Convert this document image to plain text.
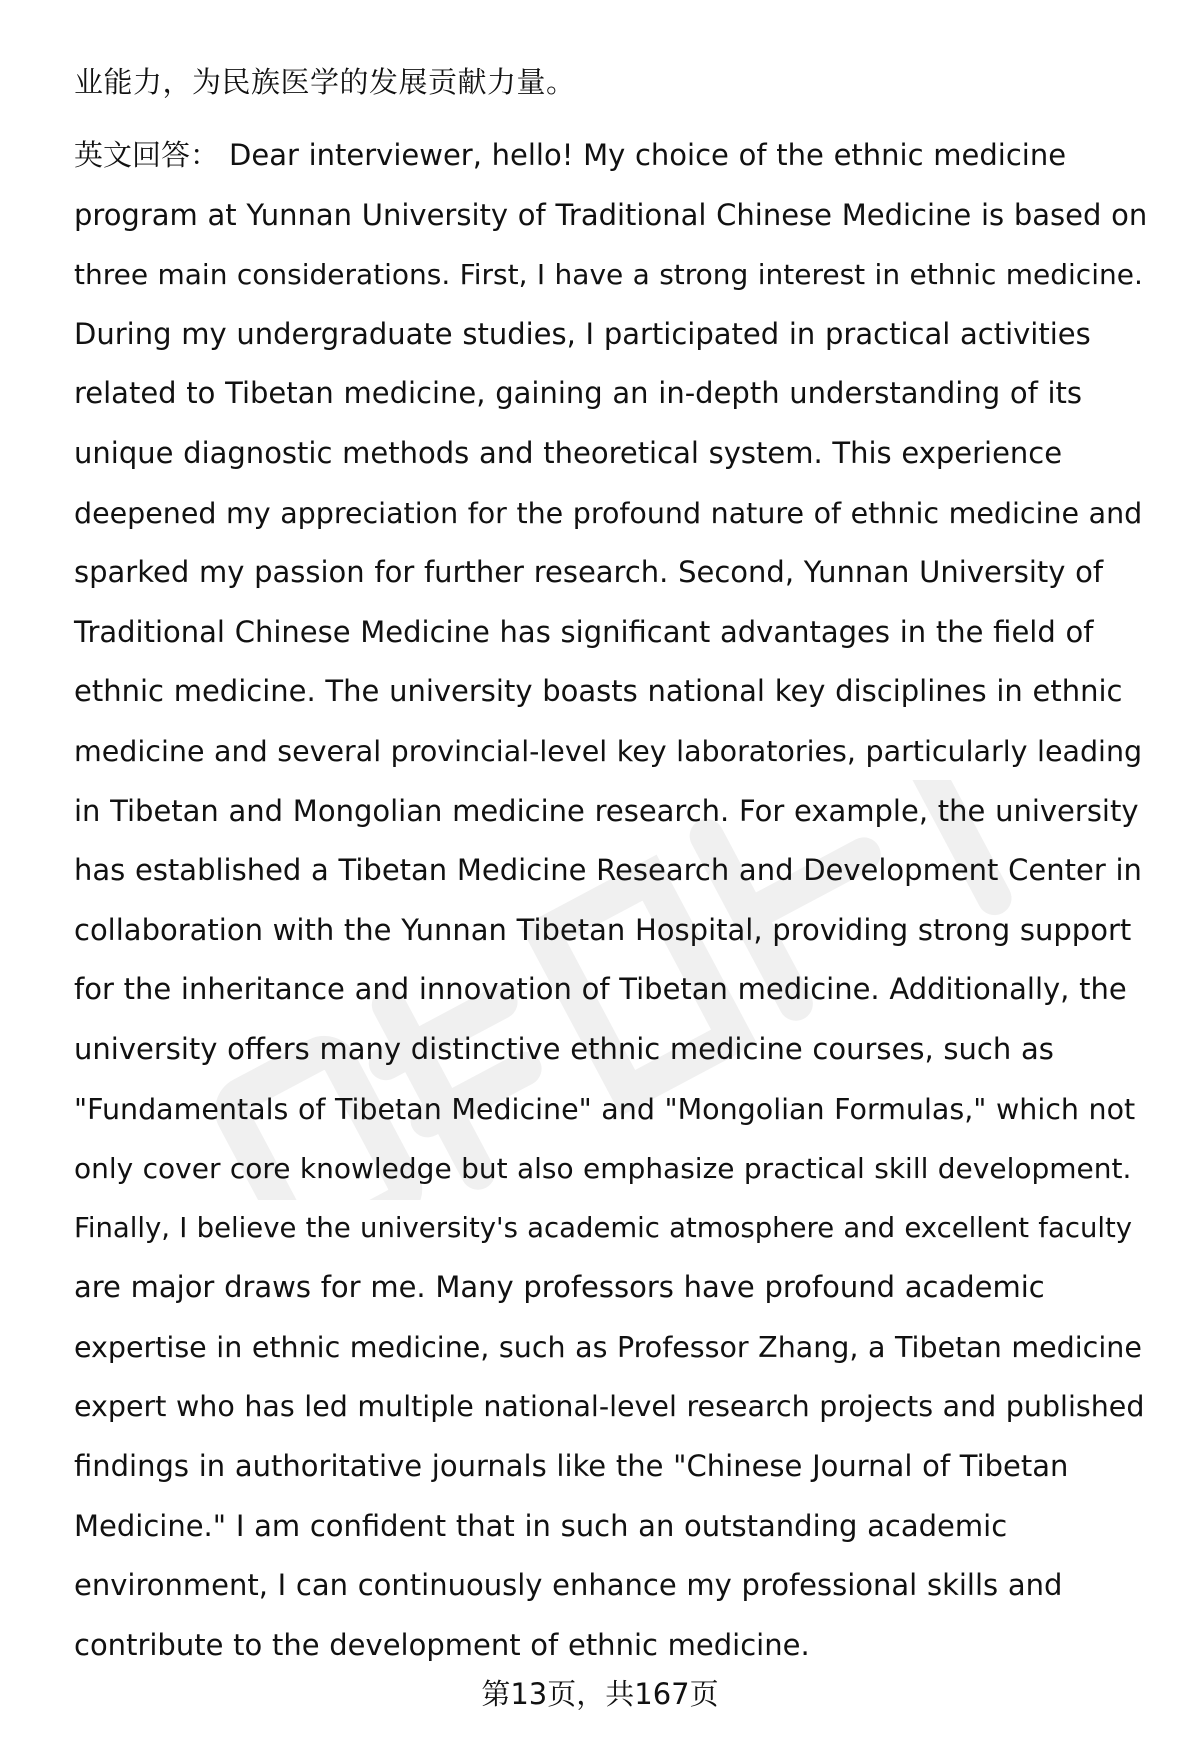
业能力，为民族医学的发展贡献力量。

英文回答： Dear interviewer, hello! My choice of the ethnic medicine
program at Yunnan University of Traditional Chinese Medicine is based on
three main considerations. First, I have a strong interest in ethnic medicine.
During my undergraduate studies, I participated in practical activities
related to Tibetan medicine, gaining an in-depth understanding of its
unique diagnostic methods and theoretical system. This experience
deepened my appreciation for the profound nature of ethnic medicine and
sparked my passion for further research. Second, Yunnan University of
Traditional Chinese Medicine has significant advantages in the field of
ethnic medicine. The university boasts national key disciplines in ethnic
medicine and several provincial-level key laboratories, particularly leading
in Tibetan and Mongolian medicine research. For example, the university
has established a Tibetan Medicine Research and Development Center in
collaboration with the Yunnan Tibetan Hospital, providing strong support
for the inheritance and innovation of Tibetan medicine. Additionally, the
university offers many distinctive ethnic medicine courses, such as
"Fundamentals of Tibetan Medicine" and "Mongolian Formulas," which not
only cover core knowledge but also emphasize practical skill development.
Finally, I believe the university's academic atmosphere and excellent faculty
are major draws for me. Many professors have profound academic
expertise in ethnic medicine, such as Professor Zhang, a Tibetan medicine
expert who has led multiple national-level research projects and published
findings in authoritative journals like the "Chinese Journal of Tibetan
Medicine." I am confident that in such an outstanding academic
environment, I can continuously enhance my professional skills and
contribute to the development of ethnic medicine.
第13页，共167页
